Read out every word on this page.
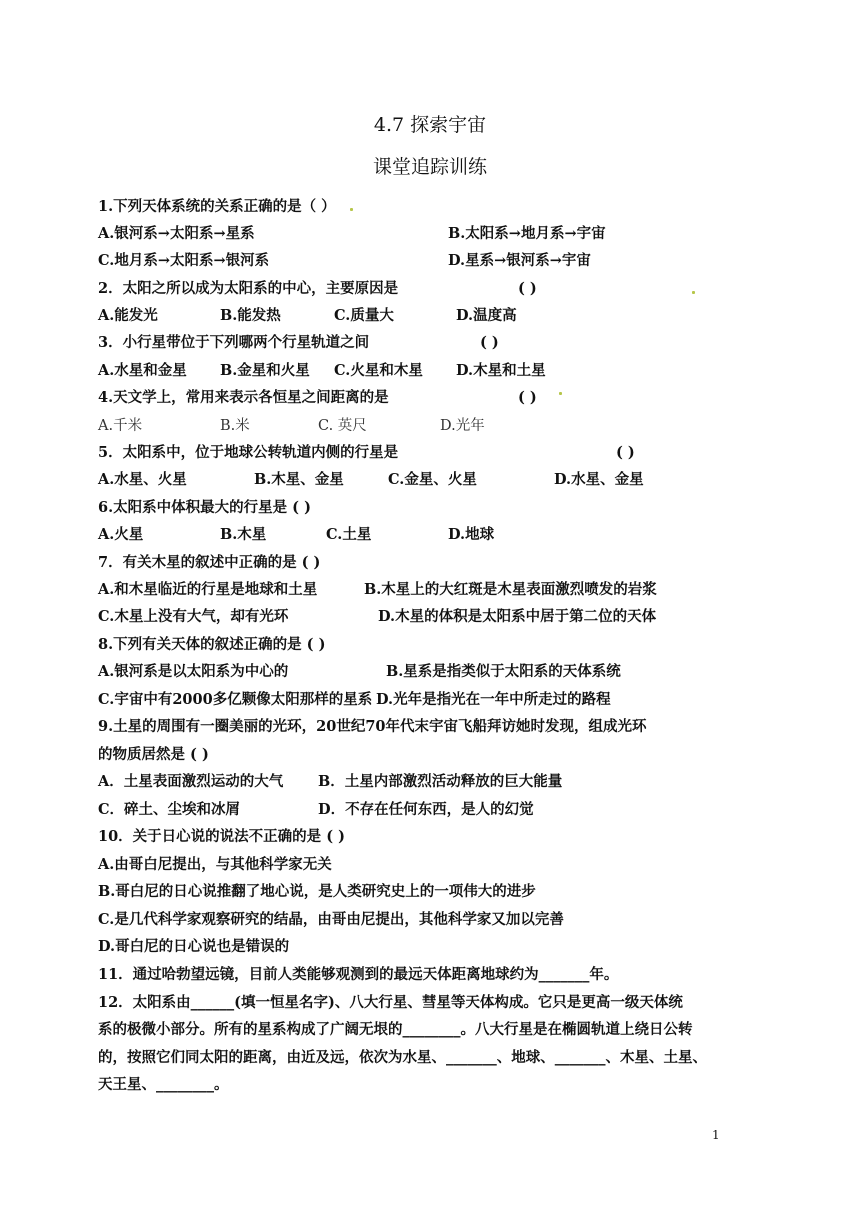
4.7 探索宇宙
课堂追踪训练
1.下列天体系统的关系正确的是（ ）
A.银河系→太阳系→星系	B.太阳系→地月系→宇宙
C.地月系→太阳系→银河系	D.星系→银河系→宇宙
2．太阳之所以成为太阳系的中心，主要原因是	( )
A.能发光	B.能发热	C.质量大	D.温度高
3．小行星带位于下列哪两个行星轨道之间	( )
A.水星和金星 B.金星和火星 C.火星和木星 D.木星和土星
4.天文学上，常用来表示各恒星之间距离的是	( )
A.千米	B.米	C. 英尺	D.光年
5．太阳系中，位于地球公转轨道内侧的行星是	( )
A.水星、火星	B.木星、金星	C.金星、火星	D.水星、金星
6.太阳系中体积最大的行星是 ( )
A.火星	B.木星	C.土星	D.地球
7．有关木星的叙述中正确的是 ( )
A.和木星临近的行星是地球和土星	B.木星上的大红斑是木星表面激烈喷发的岩浆
C.木星上没有大气，却有光环	D.木星的体积是太阳系中居于第二位的天体
8.下列有关天体的叙述正确的是 ( )
A.银河系是以太阳系为中心的	B.星系是指类似于太阳系的天体系统
C.宇宙中有2000多亿颗像太阳那样的星系 D.光年是指光在一年中所走过的路程
9.土星的周围有一圈美丽的光环，20世纪70年代末宇宙飞船拜访她时发现，组成光环
的物质居然是 ( )
A．土星表面激烈运动的大气 B．土星内部激烈活动释放的巨大能量
C．碎土、尘埃和冰屑	D．不存在任何东西，是人的幻觉
10．关于日心说的说法不正确的是 ( )
A.由哥白尼提出，与其他科学家无关
B.哥白尼的日心说推翻了地心说，是人类研究史上的一项伟大的进步
C.是几代科学家观察研究的结晶，由哥由尼提出，其他科学家又加以完善
D.哥白尼的日心说也是错误的
11．通过哈勃望远镜，目前人类能够观测到的最远天体距离地球约为_______年。
12．太阳系由______(填一恒星名字)、八大行星、彗星等天体构成。它只是更高一级天体统
系的极微小部分。所有的星系构成了广阔无垠的________。八大行星是在椭圆轨道上绕日公转
的，按照它们同太阳的距离，由近及远，依次为水星、_______、地球、_______、木星、土星、
天王星、________。
1
